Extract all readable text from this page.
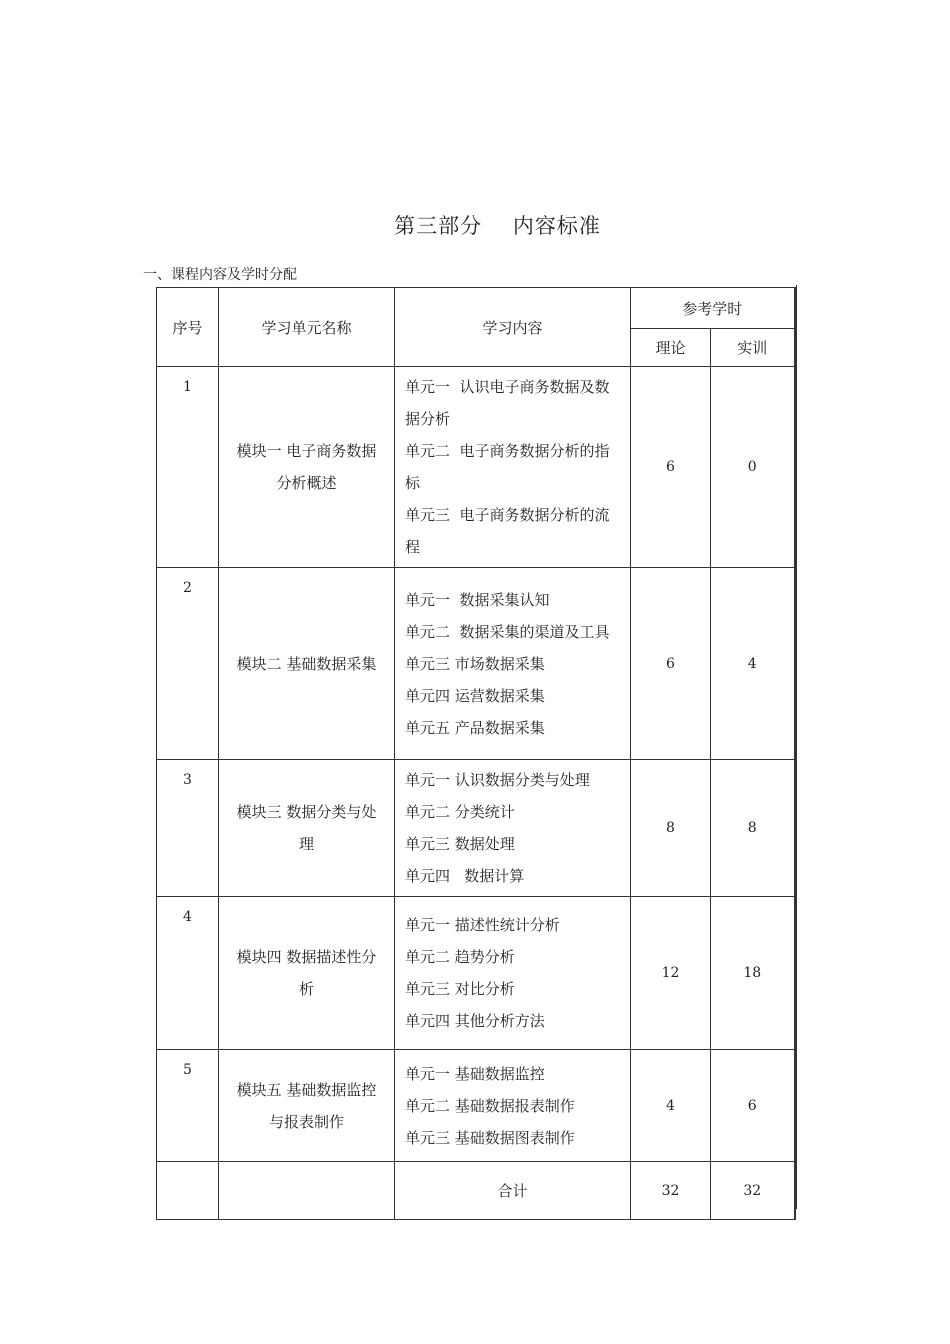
第三部分    内容标准
一、课程内容及学时分配
序号	学习单元名称	学习内容	参考学时	
			理论	实训
1	模块一 电子商务数据分析概述	单元一  认识电子商务数据及数据分析
单元二  电子商务数据分析的指标
单元三  电子商务数据分析的流程	6	0
2	模块二 基础数据采集	单元一  数据采集认知
单元二  数据采集的渠道及工具
单元三 市场数据采集
单元四 运营数据采集
单元五 产品数据采集	6	4
3	模块三 数据分类与处理	单元一 认识数据分类与处理
单元二 分类统计
单元三 数据处理
单元四   数据计算	8	8
4	模块四 数据描述性分析	单元一 描述性统计分析
单元二 趋势分析
单元三 对比分析
单元四 其他分析方法	12	18
5	模块五 基础数据监控与报表制作	单元一 基础数据监控
单元二 基础数据报表制作
单元三 基础数据图表制作	4	6
		合计	32	32
